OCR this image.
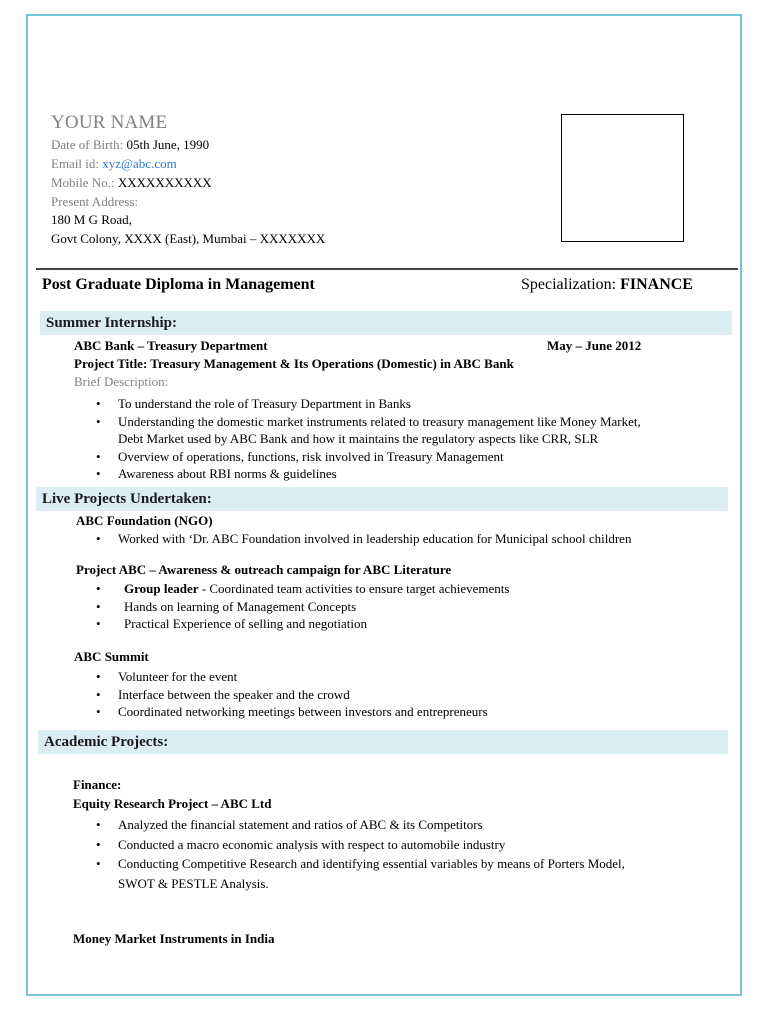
YOUR NAME
Date of Birth: 05th June, 1990
Email id: xyz@abc.com
Mobile No.: XXXXXXXXXX
Present Address:
180 M G Road,
Govt Colony, XXXX (East), Mumbai – XXXXXXX
Post Graduate Diploma in Management	Specialization: FINANCE
Summer Internship:
ABC Bank – Treasury Department	May – June 2012
Project Title: Treasury Management & Its Operations (Domestic) in ABC Bank
Brief Description:
• To understand the role of Treasury Department in Banks
• Understanding the domestic market instruments related to treasury management like Money Market,
Debt Market used by ABC Bank and how it maintains the regulatory aspects like CRR, SLR
• Overview of operations, functions, risk involved in Treasury Management
• Awareness about RBI norms & guidelines
Live Projects Undertaken:
ABC Foundation (NGO)
• Worked with ‘Dr. ABC Foundation involved in leadership education for Municipal school children
Project ABC – Awareness & outreach campaign for ABC Literature
• Group leader - Coordinated team activities to ensure target achievements
• Hands on learning of Management Concepts
• Practical Experience of selling and negotiation
ABC Summit
• Volunteer for the event
• Interface between the speaker and the crowd
• Coordinated networking meetings between investors and entrepreneurs
Academic Projects:
Finance:
Equity Research Project – ABC Ltd
• Analyzed the financial statement and ratios of ABC & its Competitors
• Conducted a macro economic analysis with respect to automobile industry
• Conducting Competitive Research and identifying essential variables by means of Porters Model,
SWOT & PESTLE Analysis.
Money Market Instruments in India
